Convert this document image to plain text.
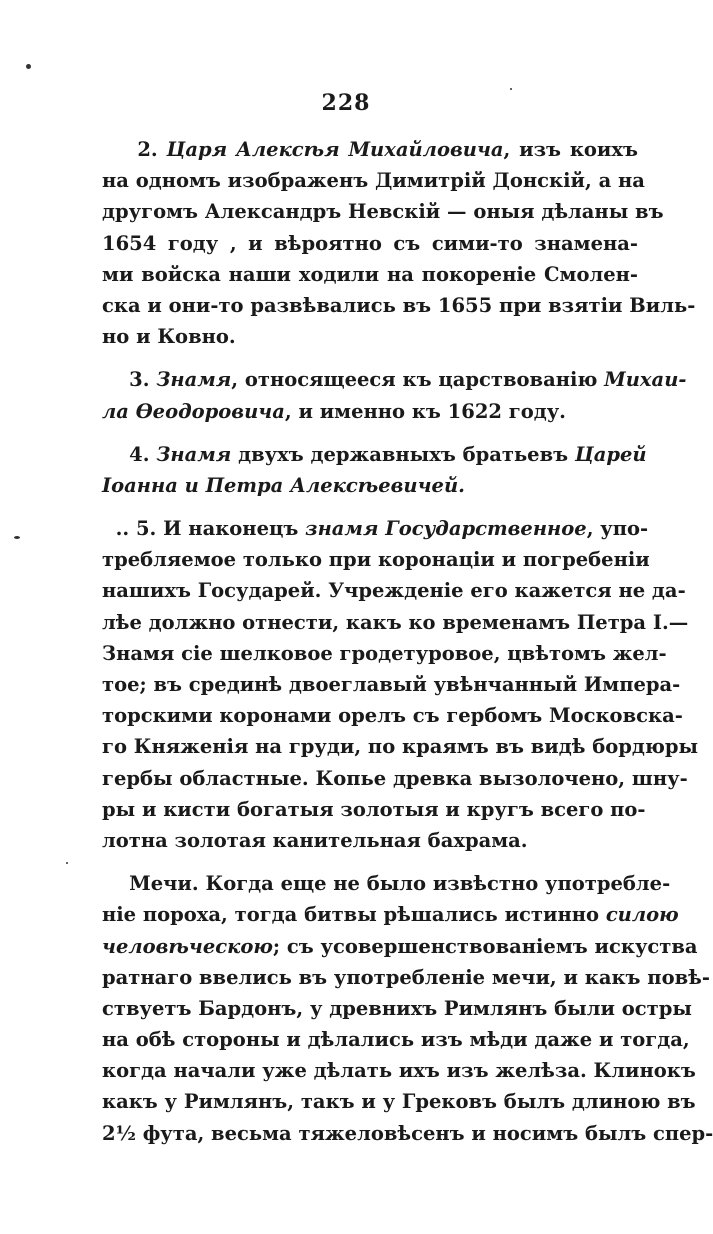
228
2. Царя Алексѣя Михайловича, изъ коихъ
на одномъ изображенъ Димитрій Донскій, а на
другомъ Александръ Невскій — оныя дѣланы въ
1654 году , и вѣроятно съ сими-то знамена-
ми войска наши ходили на покореніе Смолен-
ска и они-то развѣвались въ 1655 при взятіи Виль-
но и Ковно.
3. Знамя, относящееся къ царствованію Михаи-
ла Ѳеодоровича, и именно къ 1622 году.
4. Знамя двухъ державныхъ братьевъ Царей
Іоанна и Петра Алексѣевичей.
.. 5. И наконецъ знамя Государственное, упо-
требляемое только при коронаціи и погребеніи
нашихъ Государей. Учрежденіе его кажется не да-
лѣе должно отнести, какъ ко временамъ Петра I.—
Знамя сіе шелковое гродетуровое, цвѣтомъ жел-
тое; въ срединѣ двоеглавый увѣнчанный Импера-
торскими коронами орелъ съ гербомъ Московска-
го Княженія на груди, по краямъ въ видѣ бордюры
гербы областные. Копье древка вызолочено, шну-
ры и кисти богатыя золотыя и кругъ всего по-
лотна золотая канительная бахрама.
Мечи. Когда еще не было извѣстно употребле-
ніе пороха, тогда битвы рѣшались истинно силою
человѣческою; съ усовершенствованіемъ искуства
ратнаго ввелись въ употребленіе мечи, и какъ повѣ-
ствуетъ Бардонъ, у древнихъ Римлянъ были остры
на обѣ стороны и дѣлались изъ мѣди даже и тогда,
когда начали уже дѣлать ихъ изъ желѣза. Клинокъ
какъ у Римлянъ, такъ и у Грековъ былъ длиною въ
2½ фута, весьма тяжеловѣсенъ и носимъ былъ спер-
